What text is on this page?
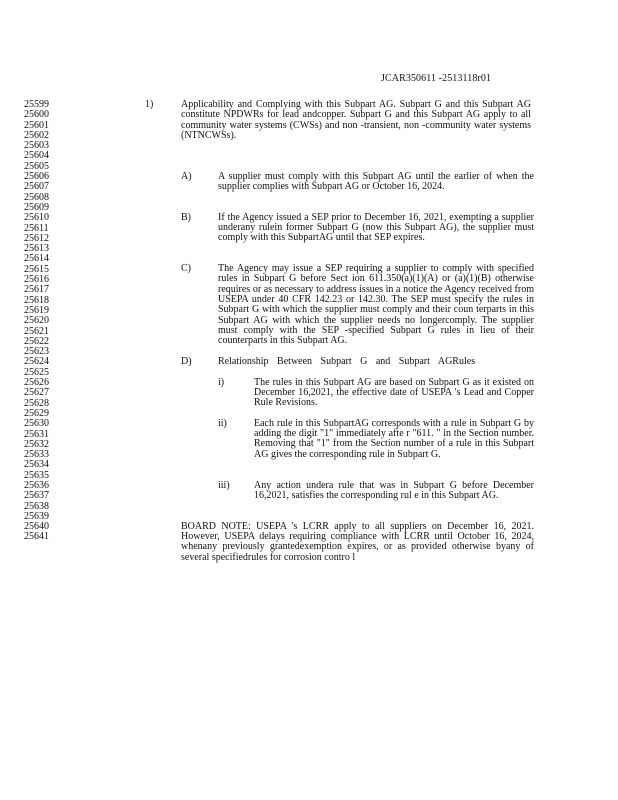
JCAR350611 -2513118r01
25599
25600
25601
25602
25603
25604
25605
25606
25607
25608
25609
25610
25611
25612
25613
25614
25615
25616
25617
25618
25619
25620
25621
25622
25623
25624
25625
25626
25627
25628
25629
25630
25631
25632
25633
25634
25635
25636
25637
25638
25639
25640
25641
1)	Applicability and Complying with this Subpart AG. Subpart G and this Subpart AG constitute NPDWRs for lead andcopper. Subpart G and this Subpart AG apply to all community water systems (CWSs) and non -transient, non -community water systems (NTNCWSs).
A)	A supplier must comply with this Subpart AG until the earlier of when the supplier complies with Subpart AG or October 16, 2024.
B)	If the Agency issued a SEP prior to December 16, 2021, exempting a supplier underany rulein former Subpart G (now this Subpart AG), the supplier must comply with this SubpartAG until that SEP expires.
C)	The Agency may issue a SEP requiring a supplier to comply with specified rules in Subpart G before Sect ion 611.350(a)(1)(A) or (a)(1)(B) otherwise requires or as necessary to address issues in a notice the Agency received from USEPA under 40 CFR 142.23 or 142.30. The SEP must specify the rules in Subpart G with which the supplier must comply and their coun terparts in this Subpart AG with which the supplier needs no longercomply. The supplier must comply with the SEP -specified Subpart G rules in lieu of their counterparts in this Subpart AG.
D)	Relationship Between Subpart G and Subpart AGRules
i)	The rules in this Subpart AG are based on Subpart G as it existed on December 16,2021, the effective date of USEPA 's Lead and Copper Rule Revisions.
ii)	Each rule in this SubpartAG corresponds with a rule in Subpart G by adding the digit "1" immediately afte r "611. " in the Section number. Removing that "1" from the Section number of a rule in this Subpart AG gives the corresponding rule in Subpart G.
iii) Any action undera rule that was in Subpart G before December 16,2021, satisfies the corresponding rul e in this Subpart AG.
BOARD NOTE: USEPA 's LCRR apply to all suppliers on December 16, 2021. However, USEPA delays requiring compliance with LCRR until October 16, 2024, whenany previously grantedexemption expires, or as provided otherwise byany of several specifiedrules for corrosion contro l
